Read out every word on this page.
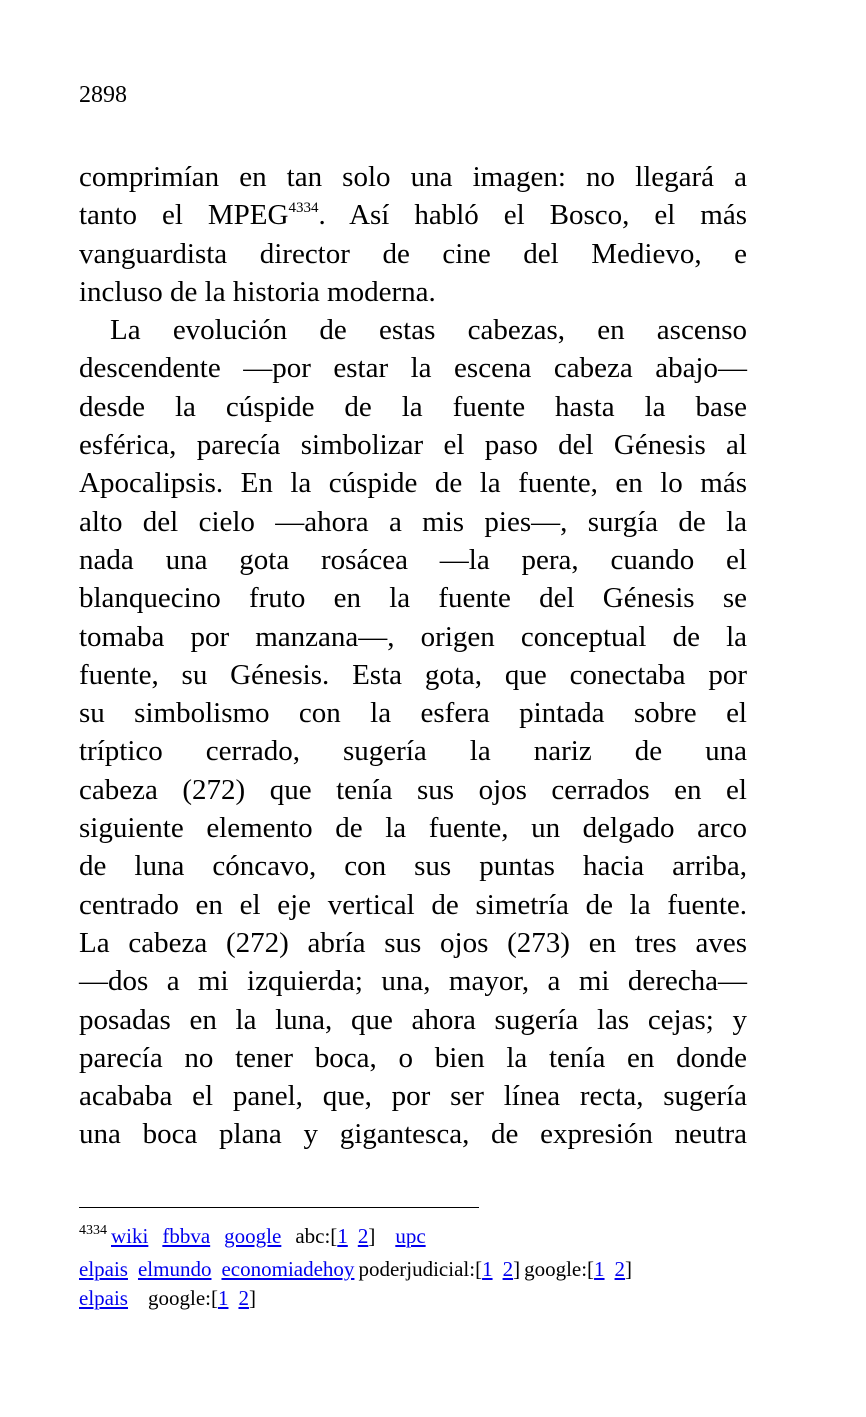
2898
comprimían en tan solo una imagen: no llegará a
tanto el MPEG$^{4334}$. Así habló el Bosco, el más
vanguardista director de cine del Medievo, e
incluso de la historia moderna.
La evolución de estas cabezas, en ascenso
descendente —por estar la escena cabeza abajo—
desde la cúspide de la fuente hasta la base
esférica, parecía simbolizar el paso del Génesis al
Apocalipsis. En la cúspide de la fuente, en lo más
alto del cielo —ahora a mis pies—, surgía de la
nada una gota rosácea —la pera, cuando el
blanquecino fruto en la fuente del Génesis se
tomaba por manzana—, origen conceptual de la
fuente, su Génesis. Esta gota, que conectaba por
su simbolismo con la esfera pintada sobre el
tríptico cerrado, sugería la nariz de una
cabeza (272) que tenía sus ojos cerrados en el
siguiente elemento de la fuente, un delgado arco
de luna cóncavo, con sus puntas hacia arriba,
centrado en el eje vertical de simetría de la fuente.
La cabeza (272) abría sus ojos (273) en tres aves
—dos a mi izquierda; una, mayor, a mi derecha—
posadas en la luna, que ahora sugería las cejas; y
parecía no tener boca, o bien la tenía en donde
acababa el panel, que, por ser línea recta, sugería
una boca plana y gigantesca, de expresión neutra
$^{4334}$ wiki fbbva google abc:[1 2] upc
elpais elmundo economiadehoy poderjudicial:[1 2] google:[1 2]
elpais google:[1 2]
